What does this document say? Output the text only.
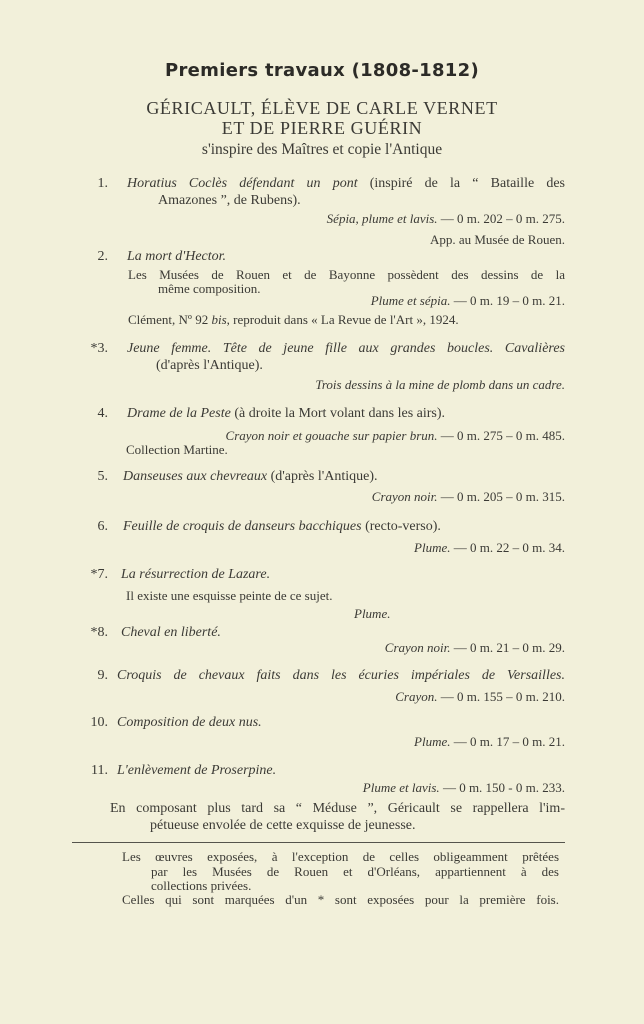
Premiers travaux (1808-1812)
GÉRICAULT, ÉLÈVE DE CARLE VERNET
ET DE PIERRE GUÉRIN
s'inspire des Maîtres et copie l'Antique
1. Horatius Coclès défendant un pont (inspiré de la “ Bataille des
Amazones ”, de Rubens).
Sépia, plume et lavis. — 0 m. 202 – 0 m. 275.
App. au Musée de Rouen.
2. La mort d'Hector.
Les Musées de Rouen et de Bayonne possèdent des dessins de la
même composition.
Plume et sépia. — 0 m. 19 – 0 m. 21.
Clément, Nº 92 bis, reproduit dans « La Revue de l'Art », 1924.
*3. Jeune femme. Tête de jeune fille aux grandes boucles. Cavalières
(d'après l'Antique).
Trois dessins à la mine de plomb dans un cadre.
4. Drame de la Peste (à droite la Mort volant dans les airs).
Crayon noir et gouache sur papier brun. — 0 m. 275 – 0 m. 485.
Collection Martine.
5. Danseuses aux chevreaux (d'après l'Antique).
Crayon noir. — 0 m. 205 – 0 m. 315.
6. Feuille de croquis de danseurs bacchiques (recto-verso).
Plume. — 0 m. 22 – 0 m. 34.
*7. La résurrection de Lazare.
Il existe une esquisse peinte de ce sujet.
Plume.
*8. Cheval en liberté.
Crayon noir. — 0 m. 21 – 0 m. 29.
9. Croquis de chevaux faits dans les écuries impériales de Versailles.
Crayon. — 0 m. 155 – 0 m. 210.
10. Composition de deux nus.
Plume. — 0 m. 17 – 0 m. 21.
11. L'enlèvement de Proserpine.
Plume et lavis. — 0 m. 150 - 0 m. 233.
En composant plus tard sa “ Méduse ”, Géricault se rappellera l'im-
pétueuse envolée de cette exquisse de jeunesse.
Les œuvres exposées, à l'exception de celles obligeamment prêtées
par les Musées de Rouen et d'Orléans, appartiennent à des
collections privées.
Celles qui sont marquées d'un * sont exposées pour la première fois.
